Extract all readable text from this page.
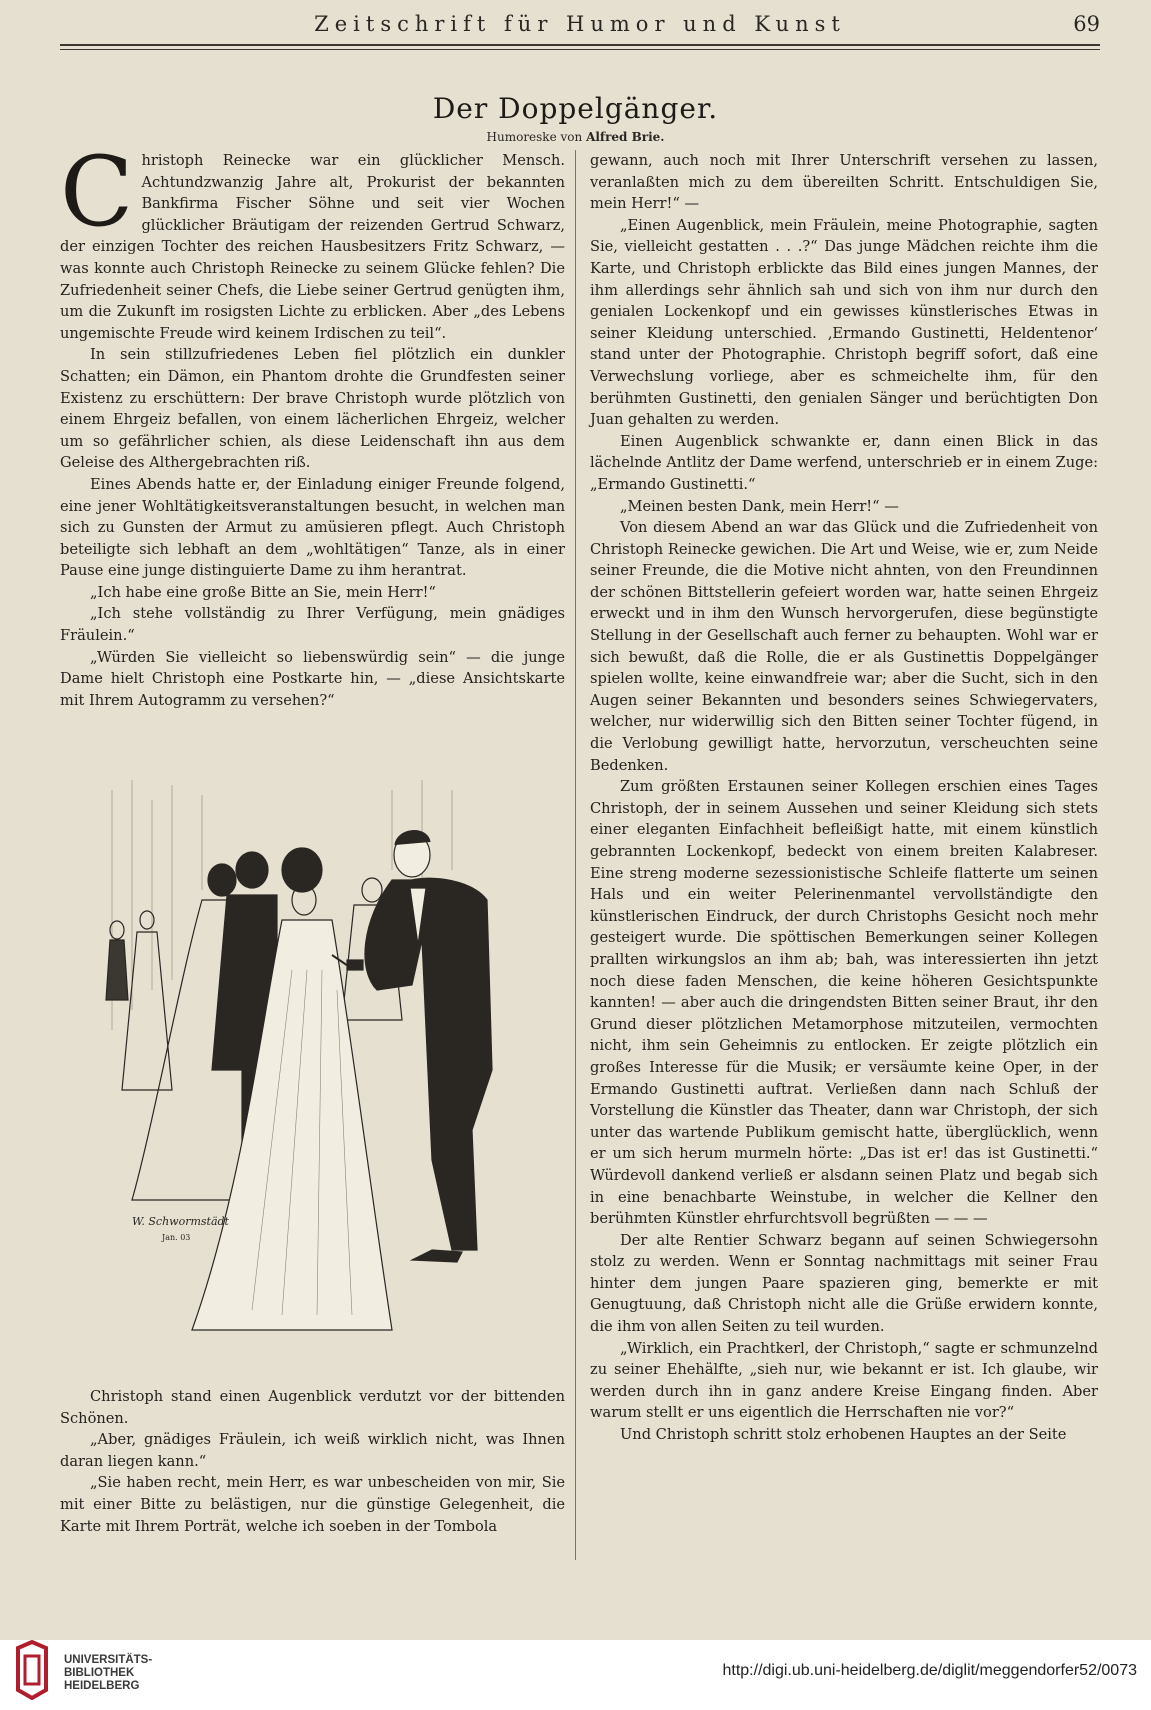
Zeitschrift für Humor und Kunst	69
Der Doppelgänger.
Humoreske von Alfred Brie.
C hristoph Reinecke war ein glücklicher Mensch. Achtundzwanzig Jahre alt, Prokurist der bekannten Bankfirma Fischer Söhne und seit vier Wochen glücklicher Bräutigam der reizenden Gertrud Schwarz, der einzigen Tochter des reichen Hausbesitzers Fritz Schwarz, — was konnte auch Christoph Reinecke zu seinem Glücke fehlen? Die Zufriedenheit seiner Chefs, die Liebe seiner Gertrud genügten ihm, um die Zukunft im rosigsten Lichte zu erblicken. Aber „des Lebens ungemischte Freude wird keinem Irdischen zu teil“.

In sein stillzufriedenes Leben fiel plötzlich ein dunkler Schatten; ein Dämon, ein Phantom drohte die Grundfesten seiner Existenz zu erschüttern: Der brave Christoph wurde plötzlich von einem Ehrgeiz befallen, von einem lächerlichen Ehrgeiz, welcher um so gefährlicher schien, als diese Leidenschaft ihn aus dem Geleise des Althergebrachten riß.

Eines Abends hatte er, der Einladung einiger Freunde folgend, eine jener Wohltätigkeitsveranstaltungen besucht, in welchen man sich zu Gunsten der Armut zu amüsieren pflegt. Auch Christoph beteiligte sich lebhaft an dem „wohltätigen“ Tanze, als in einer Pause eine junge distinguierte Dame zu ihm herantrat.

„Ich habe eine große Bitte an Sie, mein Herr!“

„Ich stehe vollständig zu Ihrer Verfügung, mein gnädiges Fräulein.“

„Würden Sie vielleicht so liebenswürdig sein“ — die junge Dame hielt Christoph eine Postkarte hin, — „diese Ansichtskarte mit Ihrem Autogramm zu versehen?“

W. Schwormstädt
Jan. 03

Christoph stand einen Augenblick verdutzt vor der bittenden Schönen.

„Aber, gnädiges Fräulein, ich weiß wirklich nicht, was Ihnen daran liegen kann.“

„Sie haben recht, mein Herr, es war unbescheiden von mir, Sie mit einer Bitte zu belästigen, nur die günstige Gelegenheit, die Karte mit Ihrem Porträt, welche ich soeben in der Tombola

gewann, auch noch mit Ihrer Unterschrift versehen zu lassen, veranlaßten mich zu dem übereilten Schritt. Entschuldigen Sie, mein Herr!“ —

„Einen Augenblick, mein Fräulein, meine Photographie, sagten Sie, vielleicht gestatten . . .?“ Das junge Mädchen reichte ihm die Karte, und Christoph erblickte das Bild eines jungen Mannes, der ihm allerdings sehr ähnlich sah und sich von ihm nur durch den genialen Lockenkopf und ein gewisses künstlerisches Etwas in seiner Kleidung unterschied. ‚Ermando Gustinetti, Heldentenor‘ stand unter der Photographie. Christoph begriff sofort, daß eine Verwechslung vorliege, aber es schmeichelte ihm, für den berühmten Gustinetti, den genialen Sänger und berüchtigten Don Juan gehalten zu werden.

Einen Augenblick schwankte er, dann einen Blick in das lächelnde Antlitz der Dame werfend, unterschrieb er in einem Zuge: „Ermando Gustinetti.“

„Meinen besten Dank, mein Herr!“ —

Von diesem Abend an war das Glück und die Zufriedenheit von Christoph Reinecke gewichen. Die Art und Weise, wie er, zum Neide seiner Freunde, die die Motive nicht ahnten, von den Freundinnen der schönen Bittstellerin gefeiert worden war, hatte seinen Ehrgeiz erweckt und in ihm den Wunsch hervorgerufen, diese begünstigte Stellung in der Gesellschaft auch ferner zu behaupten. Wohl war er sich bewußt, daß die Rolle, die er als Gustinettis Doppelgänger spielen wollte, keine einwandfreie war; aber die Sucht, sich in den Augen seiner Bekannten und besonders seines Schwiegervaters, welcher, nur widerwillig sich den Bitten seiner Tochter fügend, in die Verlobung gewilligt hatte, hervorzutun, verscheuchten seine Bedenken.

Zum größten Erstaunen seiner Kollegen erschien eines Tages Christoph, der in seinem Aussehen und seiner Kleidung sich stets einer eleganten Einfachheit befleißigt hatte, mit einem künstlich gebrannten Lockenkopf, bedeckt von einem breiten Kalabreser. Eine streng moderne sezessionistische Schleife flatterte um seinen Hals und ein weiter Pelerinenmantel vervollständigte den künstlerischen Eindruck, der durch Christophs Gesicht noch mehr gesteigert wurde. Die spöttischen Bemerkungen seiner Kollegen prallten wirkungslos an ihm ab; bah, was interessierten ihn jetzt noch diese faden Menschen, die keine höheren Gesichtspunkte kannten! — aber auch die dringendsten Bitten seiner Braut, ihr den Grund dieser plötzlichen Metamorphose mitzuteilen, vermochten nicht, ihm sein Geheimnis zu entlocken. Er zeigte plötzlich ein großes Interesse für die Musik; er versäumte keine Oper, in der Ermando Gustinetti auftrat. Verließen dann nach Schluß der Vorstellung die Künstler das Theater, dann war Christoph, der sich unter das wartende Publikum gemischt hatte, überglücklich, wenn er um sich herum murmeln hörte: „Das ist er! das ist Gustinetti.“ Würdevoll dankend verließ er alsdann seinen Platz und begab sich in eine benachbarte Weinstube, in welcher die Kellner den berühmten Künstler ehrfurchtsvoll begrüßten — — —

Der alte Rentier Schwarz begann auf seinen Schwiegersohn stolz zu werden. Wenn er Sonntag nachmittags mit seiner Frau hinter dem jungen Paare spazieren ging, bemerkte er mit Genugtuung, daß Christoph nicht alle die Grüße erwidern konnte, die ihm von allen Seiten zu teil wurden.

„Wirklich, ein Prachtkerl, der Christoph,“ sagte er schmunzelnd zu seiner Ehehälfte, „sieh nur, wie bekannt er ist. Ich glaube, wir werden durch ihn in ganz andere Kreise Eingang finden. Aber warum stellt er uns eigentlich die Herrschaften nie vor?“

Und Christoph schritt stolz erhobenen Hauptes an der Seite

UNIVERSITÄTS-
BIBLIOTHEK
HEIDELBERG
http://digi.ub.uni-heidelberg.de/diglit/meggendorfer52/0073
